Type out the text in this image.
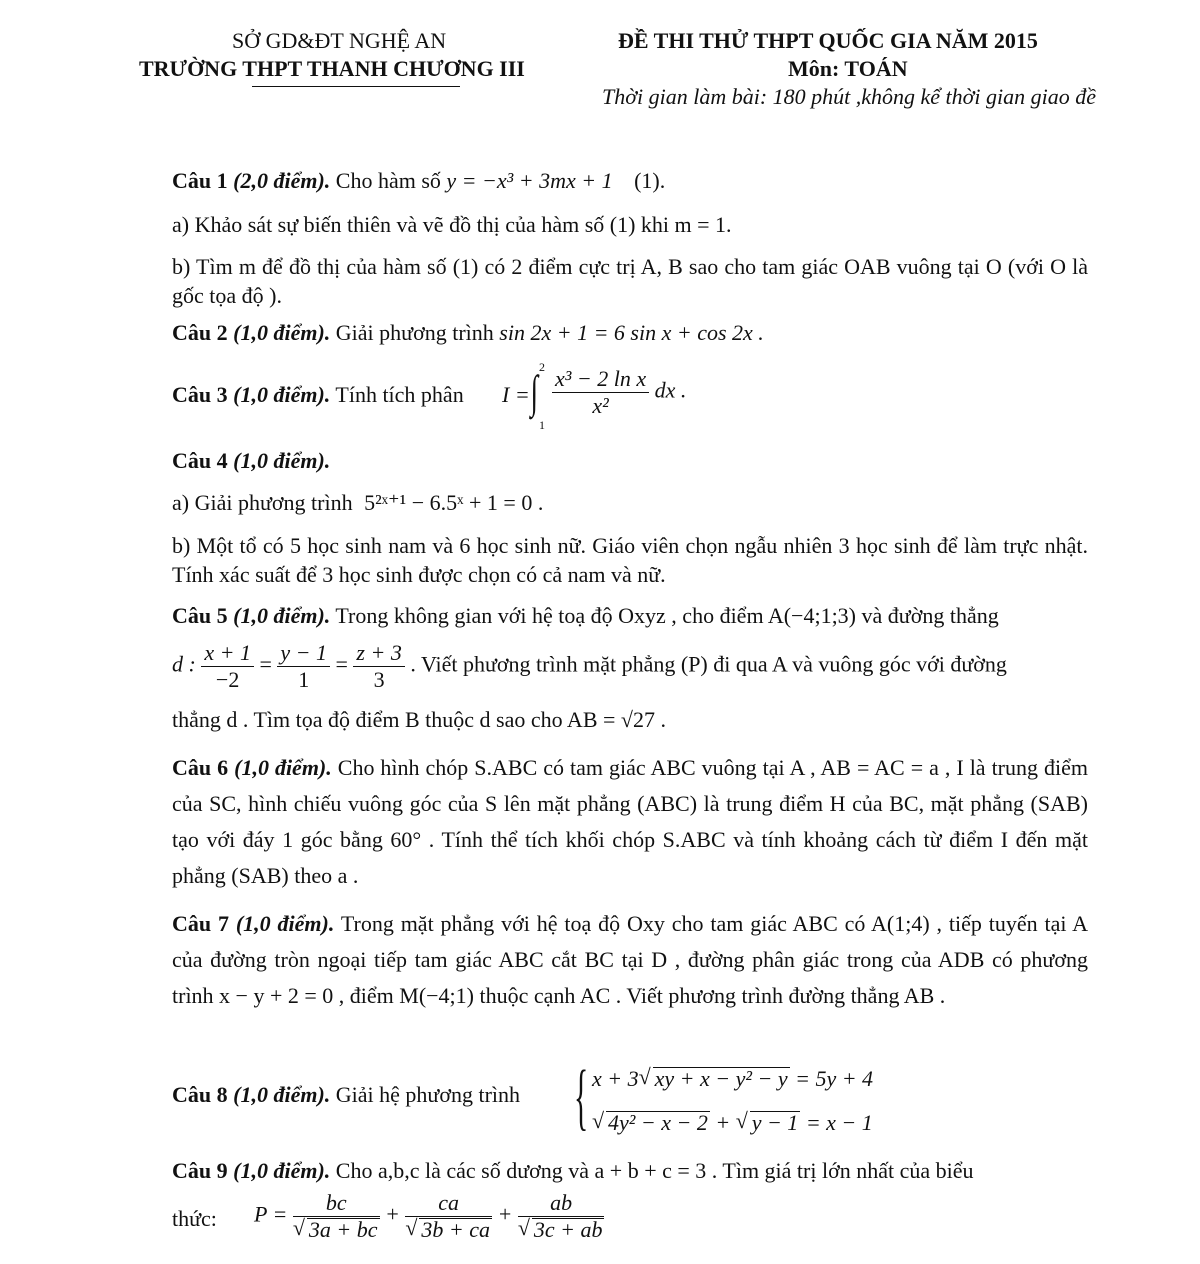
SỞ GD&ĐT NGHỆ AN
TRƯỜNG THPT THANH CHƯƠNG III
ĐỀ THI THỬ THPT QUỐC GIA NĂM 2015
Môn: TOÁN
Thời gian làm bài: 180 phút ,không kể thời gian giao đề
Câu 1 (2,0 điểm). Cho hàm số y = −x³ + 3mx + 1 (1).
a) Khảo sát sự biến thiên và vẽ đồ thị của hàm số (1) khi m = 1.
b) Tìm m để đồ thị của hàm số (1) có 2 điểm cực trị A, B sao cho tam giác OAB vuông tại O (với O là gốc tọa độ ).
Câu 2 (1,0 điểm). Giải phương trình sin 2x + 1 = 6 sin x + cos 2x .
Câu 3 (1,0 điểm). Tính tích phân I = ∫ 2
1
$\frac{\text{x³ − 2 ln x}}{\text{x²}}$ dx .
Câu 4 (1,0 điểm).
a) Giải phương trình 5²ˣ⁺¹ − 6.5ˣ + 1 = 0 .
b) Một tổ có 5 học sinh nam và 6 học sinh nữ. Giáo viên chọn ngẫu nhiên 3 học sinh để làm trực nhật. Tính xác suất để 3 học sinh được chọn có cả nam và nữ.
Câu 5 (1,0 điểm). Trong không gian với hệ toạ độ Oxyz , cho điểm A(−4;1;3) và đường thẳng
d : $\frac{x + 1}{-2} = \frac{y - 1}{1} = \frac{z + 3}{3}$ . Viết phương trình mặt phẳng (P) đi qua A và vuông góc với đường
thẳng d . Tìm tọa độ điểm B thuộc d sao cho AB = √27 .
Câu 6 (1,0 điểm). Cho hình chóp S.ABC có tam giác ABC vuông tại A , AB = AC = a , I là trung điểm của SC, hình chiếu vuông góc của S lên mặt phẳng (ABC) là trung điểm H của BC, mặt phẳng (SAB) tạo với đáy 1 góc bằng 60° . Tính thể tích khối chóp S.ABC và tính khoảng cách từ điểm I đến mặt phẳng (SAB) theo a .
Câu 7 (1,0 điểm). Trong mặt phẳng với hệ toạ độ Oxy cho tam giác ABC có A(1;4) , tiếp tuyến tại A của đường tròn ngoại tiếp tam giác ABC cắt BC tại D , đường phân giác trong của ADB có phương trình x − y + 2 = 0 , điểm M(−4;1) thuộc cạnh AC . Viết phương trình đường thẳng AB .
Câu 8 (1,0 điểm). Giải hệ phương trình { x + 3 √ xy + x − y² − y = 5y + 4
√ 4y² − x − 2 + √ y − 1 = x − 1
Câu 9 (1,0 điểm). Cho a,b,c là các số dương và a + b + c = 3 . Tìm giá trị lớn nhất của biểu
thức: $P = \frac{bc}{√ 3a + bc} + \frac{ca}{√ 3b + ca} + \frac{ab}{√ 3c + ab}$
